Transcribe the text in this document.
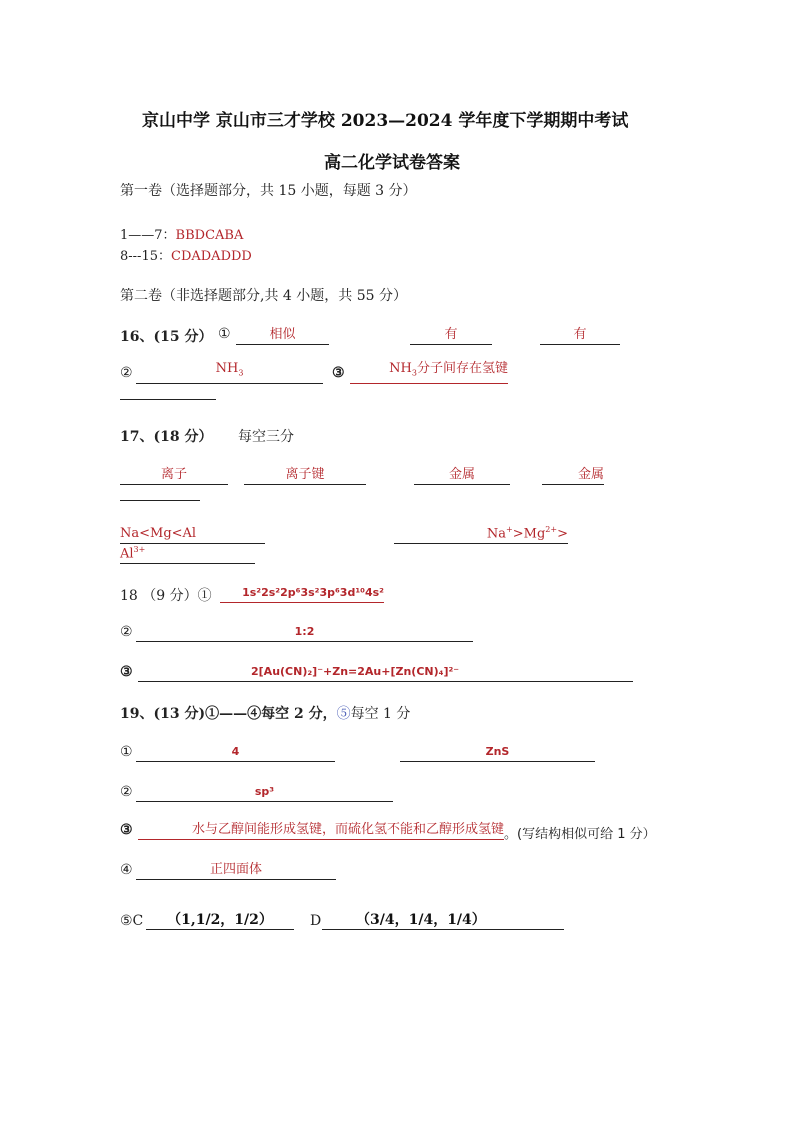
京山中学 京山市三才学校 2023—2024 学年度下学期期中考试
高二化学试卷答案
第一卷（选择题部分，共 15 小题，每题 3 分）
1——7：BBDCABA
8---15：CDADADDD
第二卷（非选择题部分,共 4 小题，共 55 分）
16、(15 分） ①	相似	有	有
②	$NH_3$	③	$NH_3$分子间存在氢键
17、(18 分） 每空三分
离子	离子键	金属	金属
Na<Mg<Al	$Na^+>Mg^{2+}>$
$Al^{3+}$
18 （9 分）①	1s²2s²2p⁶3s²3p⁶3d¹⁰4s²
②	1:2
③	2[Au(CN)₂]⁻+Zn=2Au+[Zn(CN)₄]²⁻
19、(13 分)①——④每空 2 分，⑤每空 1 分
①	4	ZnS
②	sp³
③	水与乙醇间能形成氢键，而硫化氢不能和乙醇形成氢键 。(写结构相似可给 1 分）
④	正四面体
⑤C （1,1/2，1/2）	D （3/4，1/4，1/4）
